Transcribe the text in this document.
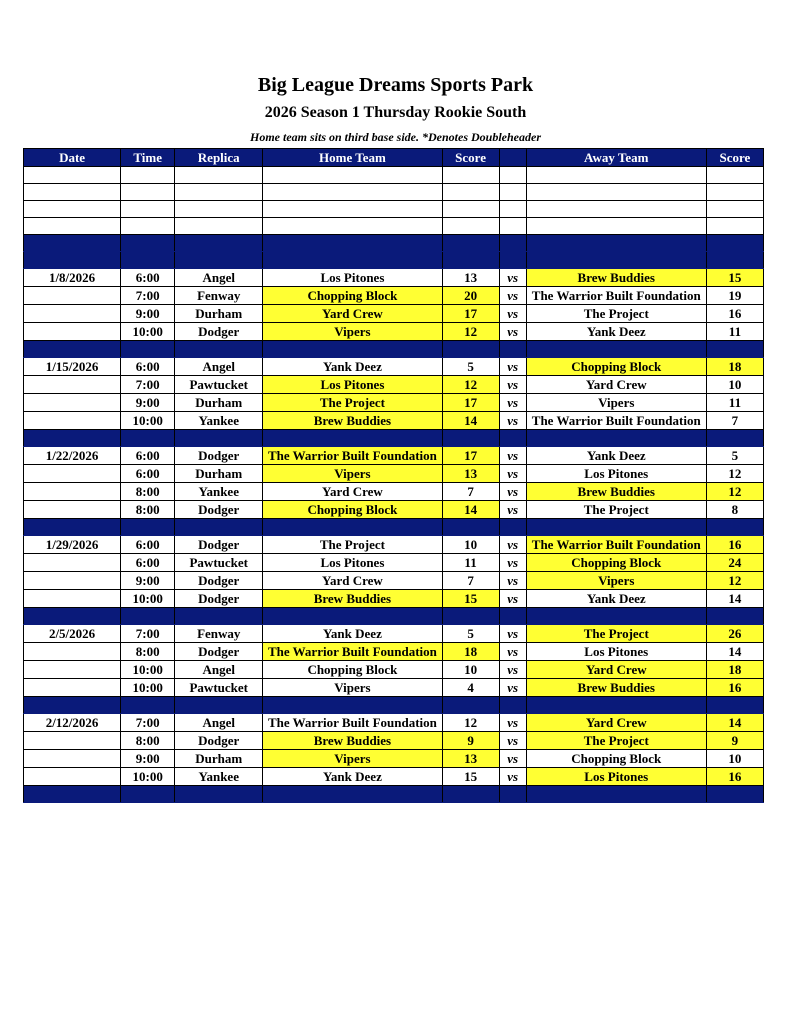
Big League Dreams Sports Park
2026 Season 1 Thursday Rookie South
Home team sits on third base side. *Denotes Doubleheader
Date	Time	Replica	Home Team	Score		Away Team	Score

1/8/2026	6:00	Angel	Los Pitones	13	vs	Brew Buddies	15
	7:00	Fenway	Chopping Block	20	vs	The Warrior Built Foundation	19
	9:00	Durham	Yard Crew	17	vs	The Project	16
	10:00	Dodger	Vipers	12	vs	Yank Deez	11

1/15/2026	6:00	Angel	Yank Deez	5	vs	Chopping Block	18
	7:00	Pawtucket	Los Pitones	12	vs	Yard Crew	10
	9:00	Durham	The Project	17	vs	Vipers	11
	10:00	Yankee	Brew Buddies	14	vs	The Warrior Built Foundation	7

1/22/2026	6:00	Dodger	The Warrior Built Foundation	17	vs	Yank Deez	5
	6:00	Durham	Vipers	13	vs	Los Pitones	12
	8:00	Yankee	Yard Crew	7	vs	Brew Buddies	12
	8:00	Dodger	Chopping Block	14	vs	The Project	8

1/29/2026	6:00	Dodger	The Project	10	vs	The Warrior Built Foundation	16
	6:00	Pawtucket	Los Pitones	11	vs	Chopping Block	24
	9:00	Dodger	Yard Crew	7	vs	Vipers	12
	10:00	Dodger	Brew Buddies	15	vs	Yank Deez	14

2/5/2026	7:00	Fenway	Yank Deez	5	vs	The Project	26
	8:00	Dodger	The Warrior Built Foundation	18	vs	Los Pitones	14
	10:00	Angel	Chopping Block	10	vs	Yard Crew	18
	10:00	Pawtucket	Vipers	4	vs	Brew Buddies	16

2/12/2026	7:00	Angel	The Warrior Built Foundation	12	vs	Yard Crew	14
	8:00	Dodger	Brew Buddies	9	vs	The Project	9
	9:00	Durham	Vipers	13	vs	Chopping Block	10
	10:00	Yankee	Yank Deez	15	vs	Los Pitones	16
